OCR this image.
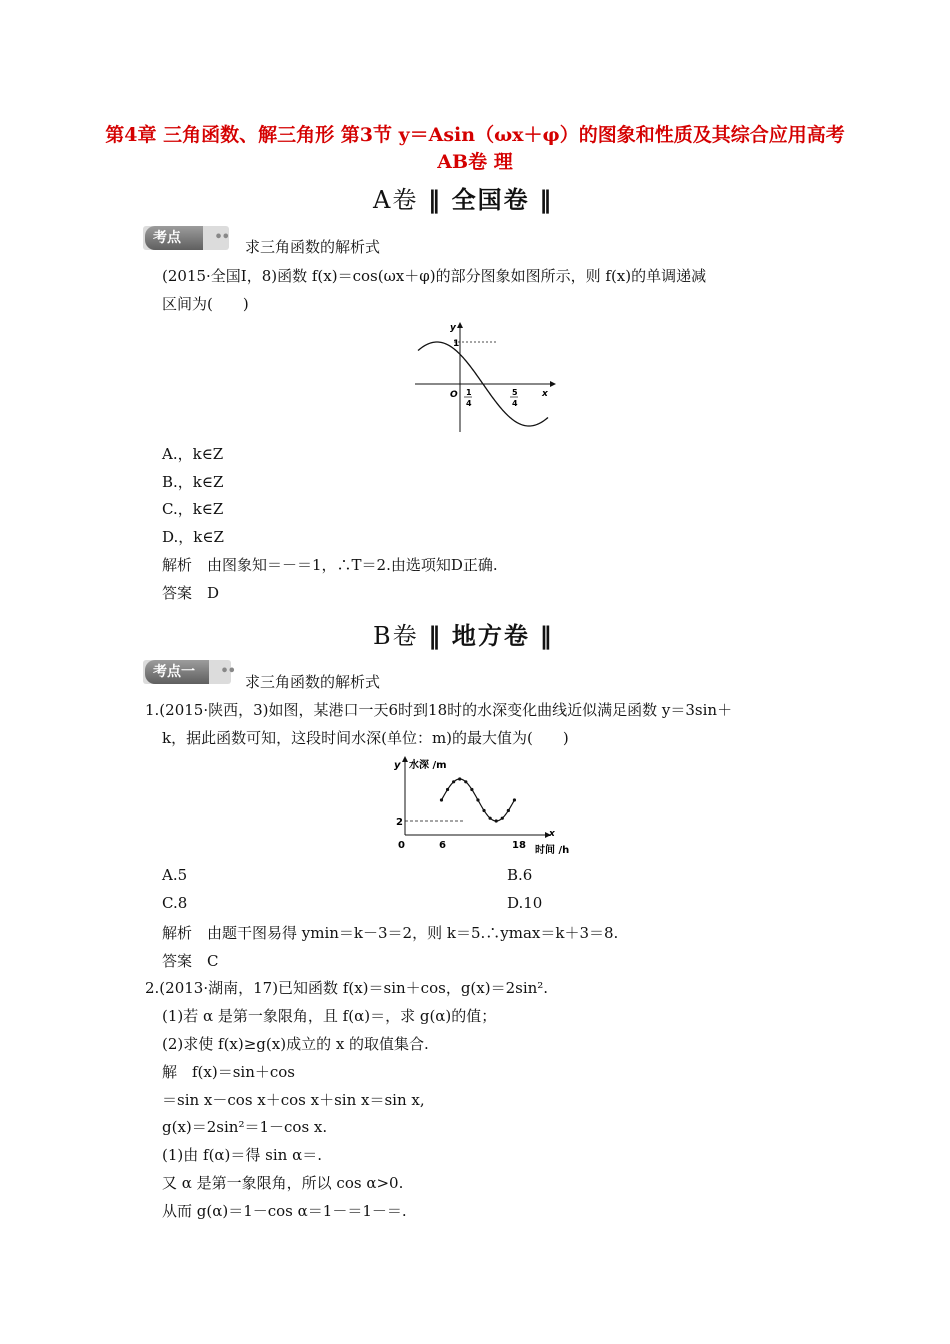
第4章 三角函数、解三角形 第3节 y＝Asin（ωx＋φ）的图象和性质及其综合应用高考AB卷 理
A卷 ‖ 全国卷 ‖
考点	••
求三角函数的解析式
(2015·全国Ⅰ，8)函数 f(x)＝cos(ωx＋φ)的部分图象如图所示，则 f(x)的单调递减
区间为(　　)
y
x
O
1
1
4
5
4
A.，k∈Z
B.，k∈Z
C.，k∈Z
D.，k∈Z
解析　由图象知＝－＝1，∴T＝2.由选项知D正确.
答案　D
B卷 ‖ 地方卷 ‖
考点一 ••
求三角函数的解析式
1.(2015·陕西，3)如图，某港口一天6时到18时的水深变化曲线近似满足函数 y＝3sin＋
k，据此函数可知，这段时间水深(单位：m)的最大值为(　　)
y 水深 /m
x
时间 /h
0
2
6	18
A.5	B.6
C.8	D.10
解析　由题干图易得 ymin＝k－3＝2，则 k＝5.∴ymax＝k＋3＝8.
答案　C
2.(2013·湖南，17)已知函数 f(x)＝sin＋cos，g(x)＝2sin².
(1)若 α 是第一象限角，且 f(α)＝，求 g(α)的值；
(2)求使 f(x)≥g(x)成立的 x 的取值集合.
解　f(x)＝sin＋cos
＝sin x－cos x＋cos x＋sin x＝sin x,
g(x)＝2sin²＝1－cos x.
(1)由 f(α)＝得 sin α＝.
又 α 是第一象限角，所以 cos α>0.
从而 g(α)＝1－cos α＝1－＝1－＝.
